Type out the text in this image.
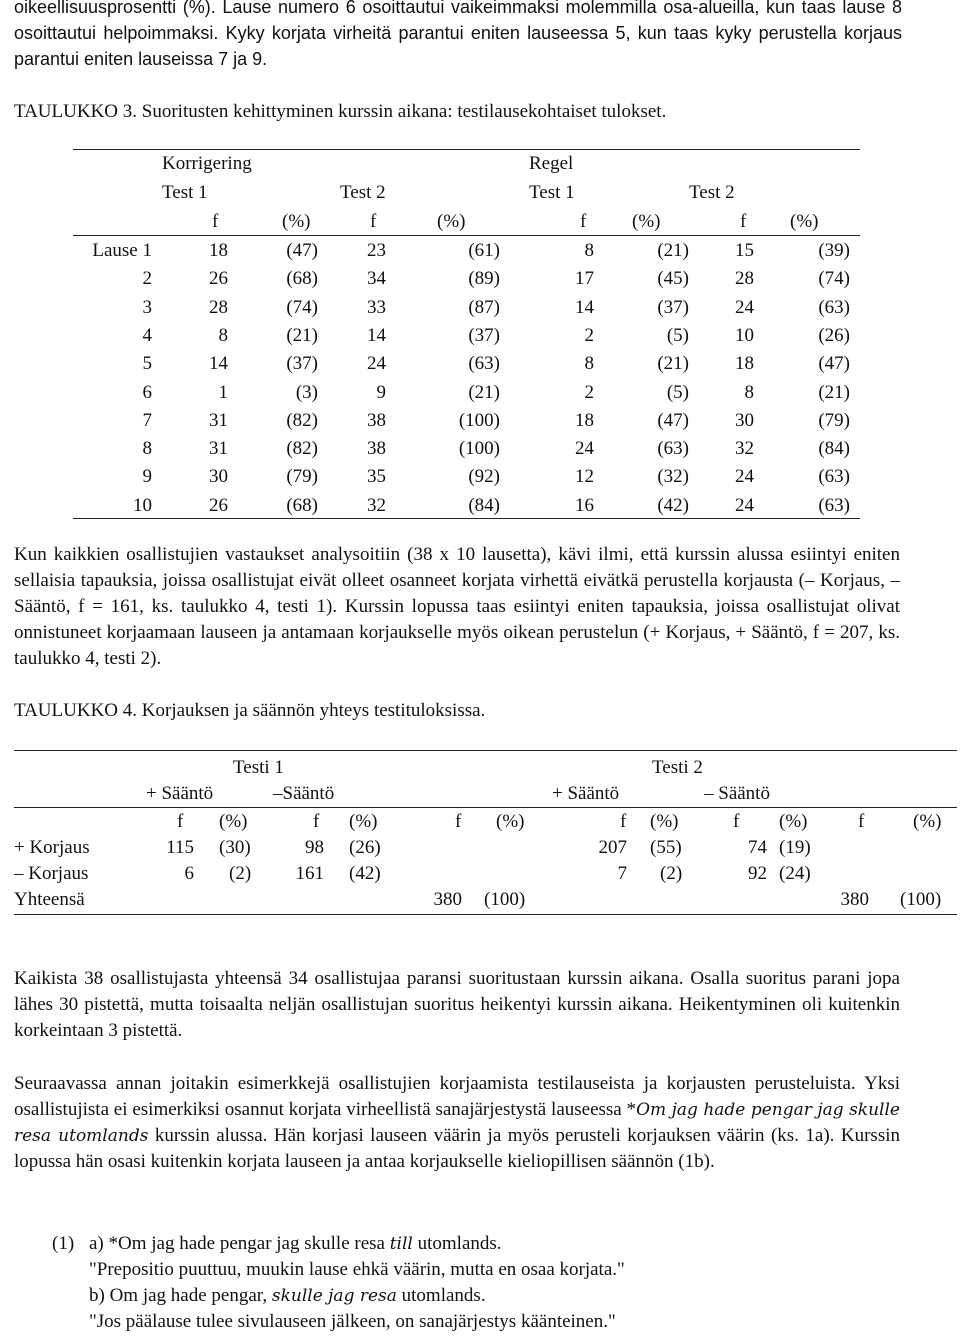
oikeellisuusprosentti (%). Lause numero 6 osoittautui vaikeimmaksi molemmilla osa-alueilla, kun taas lause 8 osoittautui helpoimmaksi. Kyky korjata virheitä parantui eniten lauseessa 5, kun taas kyky perustella korjaus parantui eniten lauseissa 7 ja 9.

TAULUKKO 3. Suoritusten kehittyminen kurssin aikana: testilausekohtaiset tulokset.
Korrigering	Regel
Test 1	Test 2	Test 1	Test 2
f	(%)	f	(%)	f (%)	f (%)
Lause 1	18	(47)	23	(61)	8	(21)	15	(39)
2	26	(68)	34	(89)	17	(45)	28	(74)
3	28	(74)	33	(87)	14	(37)	24	(63)
4	8	(21)	14	(37)	2	(5)	10	(26)
5	14	(37)	24	(63)	8	(21)	18	(47)
6	1	(3)	9	(21)	2	(5)	8	(21)
7	31	(82)	38	(100)	18	(47)	30	(79)
8	31	(82)	38	(100)	24	(63)	32	(84)
9	30	(79)	35	(92)	12	(32)	24	(63)
10	26	(68)	32	(84)	16	(42)	24	(63)

Kun kaikkien osallistujien vastaukset analysoitiin (38 x 10 lausetta), kävi ilmi, että kurssin alussa esiintyi eniten sellaisia tapauksia, joissa osallistujat eivät olleet osanneet korjata virhettä eivätkä perustella korjausta (– Korjaus, – Sääntö, f = 161, ks. taulukko 4, testi 1). Kurssin lopussa taas esiintyi eniten tapauksia, joissa osallistujat olivat onnistuneet korjaamaan lauseen ja antamaan korjaukselle myös oikean perustelun (+ Korjaus, + Sääntö, f = 207, ks. taulukko 4, testi 2).

TAULUKKO 4. Korjauksen ja säännön yhteys testituloksissa.
Testi 1	Testi 2
+ Sääntö	–Sääntö	+ Sääntö	– Sääntö
f (%)	f (%)	f (%)	f (%)	f (%)	f	(%)
+ Korjaus	115 (30)	98 (26)	207 (55)	74 (19)
– Korjaus	6 (2)	161 (42)	7 (2)	92 (24)
Yhteensä	380 (100)	380 (100)

Kaikista 38 osallistujasta yhteensä 34 osallistujaa paransi suoritustaan kurssin aikana. Osalla suoritus parani jopa lähes 30 pistettä, mutta toisaalta neljän osallistujan suoritus heikentyi kurssin aikana. Heikentyminen oli kuitenkin korkeintaan 3 pistettä.

Seuraavassa annan joitakin esimerkkejä osallistujien korjaamista testilauseista ja korjausten perusteluista. Yksi osallistujista ei esimerkiksi osannut korjata virheellistä sanajärjestystä lauseessa *Om jag hade pengar jag skulle resa utomlands kurssin alussa. Hän korjasi lauseen väärin ja myös perusteli korjauksen väärin (ks. 1a). Kurssin lopussa hän osasi kuitenkin korjata lauseen ja antaa korjaukselle kieliopillisen säännön (1b).

(1) a) *Om jag hade pengar jag skulle resa till utomlands.
"Prepositio puuttuu, muukin lause ehkä väärin, mutta en osaa korjata."
b) Om jag hade pengar, skulle jag resa utomlands.
"Jos päälause tulee sivulauseen jälkeen, on sanajärjestys käänteinen."
